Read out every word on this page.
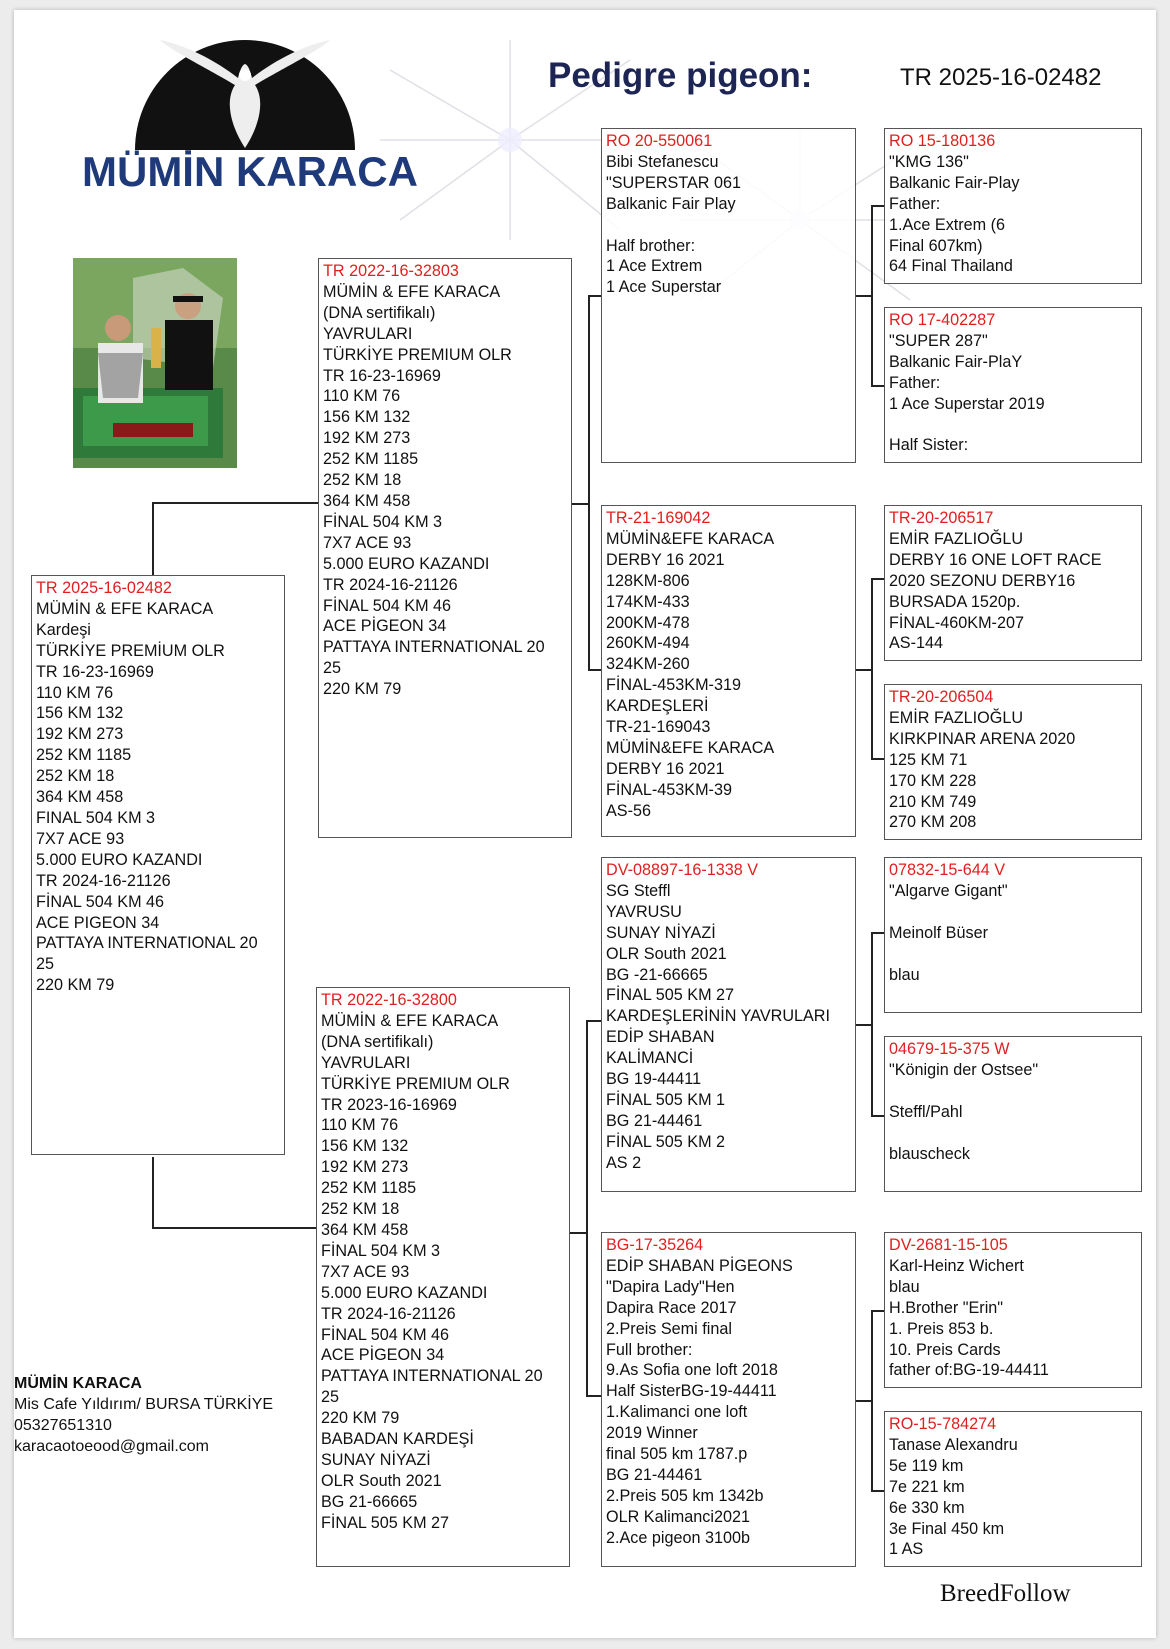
MÜMİN KARACA
Pedigre pigeon:	TR 2025-16-02482
TR 2025-16-02482
MÜMİN & EFE KARACA
Kardeşi
TÜRKİYE PREMİUM OLR
TR 16-23-16969
110 KM 76
156 KM 132
192 KM 273
252 KM 1185
252 KM 18
364 KM 458
FINAL 504 KM 3
7X7 ACE 93
5.000 EURO KAZANDI
TR 2024-16-21126
FİNAL 504 KM 46
ACE PIGEON 34
PATTAYA INTERNATIONAL 20
25
220 KM 79
TR 2022-16-32803
MÜMİN & EFE KARACA
(DNA sertifikalı)
YAVRULARI
TÜRKİYE PREMIUM OLR
TR 16-23-16969
110 KM 76
156 KM 132
192 KM 273
252 KM 1185
252 KM 18
364 KM 458
FİNAL 504 KM 3
7X7 ACE 93
5.000 EURO KAZANDI
TR 2024-16-21126
FİNAL 504 KM 46
ACE PİGEON 34
PATTAYA INTERNATIONAL 20
25
220 KM 79
TR 2022-16-32800
MÜMİN & EFE KARACA
(DNA sertifikalı)
YAVRULARI
TÜRKİYE PREMIUM OLR
TR 2023-16-16969
110 KM 76
156 KM 132
192 KM 273
252 KM 1185
252 KM 18
364 KM 458
FİNAL 504 KM 3
7X7 ACE 93
5.000 EURO KAZANDI
TR 2024-16-21126
FİNAL 504 KM 46
ACE PİGEON 34
PATTAYA INTERNATIONAL 20
25
220 KM 79
BABADAN KARDEŞİ
SUNAY NİYAZİ
OLR South 2021
BG 21-66665
FİNAL 505 KM 27
RO 20-550061
Bibi Stefanescu
"SUPERSTAR 061
Balkanic Fair Play
Half brother:
1 Ace Extrem
1 Ace Superstar
TR-21-169042
MÜMİN&EFE KARACA
DERBY 16 2021
128KM-806
174KM-433
200KM-478
260KM-494
324KM-260
FİNAL-453KM-319
KARDEŞLERİ
TR-21-169043
MÜMİN&EFE KARACA
DERBY 16 2021
FİNAL-453KM-39
AS-56
DV-08897-16-1338 V
SG Steffl
YAVRUSU
SUNAY NİYAZİ
OLR South 2021
BG -21-66665
FİNAL 505 KM 27
KARDEŞLERİNİN YAVRULARI
EDİP SHABAN
KALİMANCİ
BG 19-44411
FİNAL 505 KM 1
BG 21-44461
FİNAL 505 KM 2
AS 2
BG-17-35264
EDİP SHABAN PİGEONS
"Dapira Lady"Hen
Dapira Race 2017
2.Preis Semi final
Full brother:
9.As Sofia one loft 2018
Half SisterBG-19-44411
1.Kalimanci one loft
2019 Winner
final 505 km 1787.p
BG 21-44461
2.Preis 505 km 1342b
OLR Kalimanci2021
2.Ace pigeon 3100b
RO 15-180136
"KMG 136"
Balkanic Fair-Play
Father:
1.Ace Extrem (6
Final 607km)
64 Final Thailand
RO 17-402287
"SUPER 287"
Balkanic Fair-PlaY
Father:
1 Ace Superstar 2019
Half Sister:
TR-20-206517
EMİR FAZLIOĞLU
DERBY 16 ONE LOFT RACE
2020 SEZONU DERBY16
BURSADA 1520p.
FİNAL-460KM-207
AS-144
TR-20-206504
EMİR FAZLIOĞLU
KIRKPINAR ARENA 2020
125 KM 71
170 KM 228
210 KM 749
270 KM 208
07832-15-644 V
"Algarve Gigant"
Meinolf Büser
blau
04679-15-375 W
"Königin der Ostsee"
Steffl/Pahl
blauscheck
DV-2681-15-105
Karl-Heinz Wichert
blau
H.Brother "Erin"
1. Preis 853 b.
10. Preis Cards
father of:BG-19-44411
RO-15-784274
Tanase Alexandru
5e 119 km
7e 221 km
6e 330 km
3e Final 450 km
1 AS
MÜMİN KARACA
Mis Cafe Yıldırım/ BURSA TÜRKİYE
05327651310
karacaotoeood@gmail.com
BreedFollow
